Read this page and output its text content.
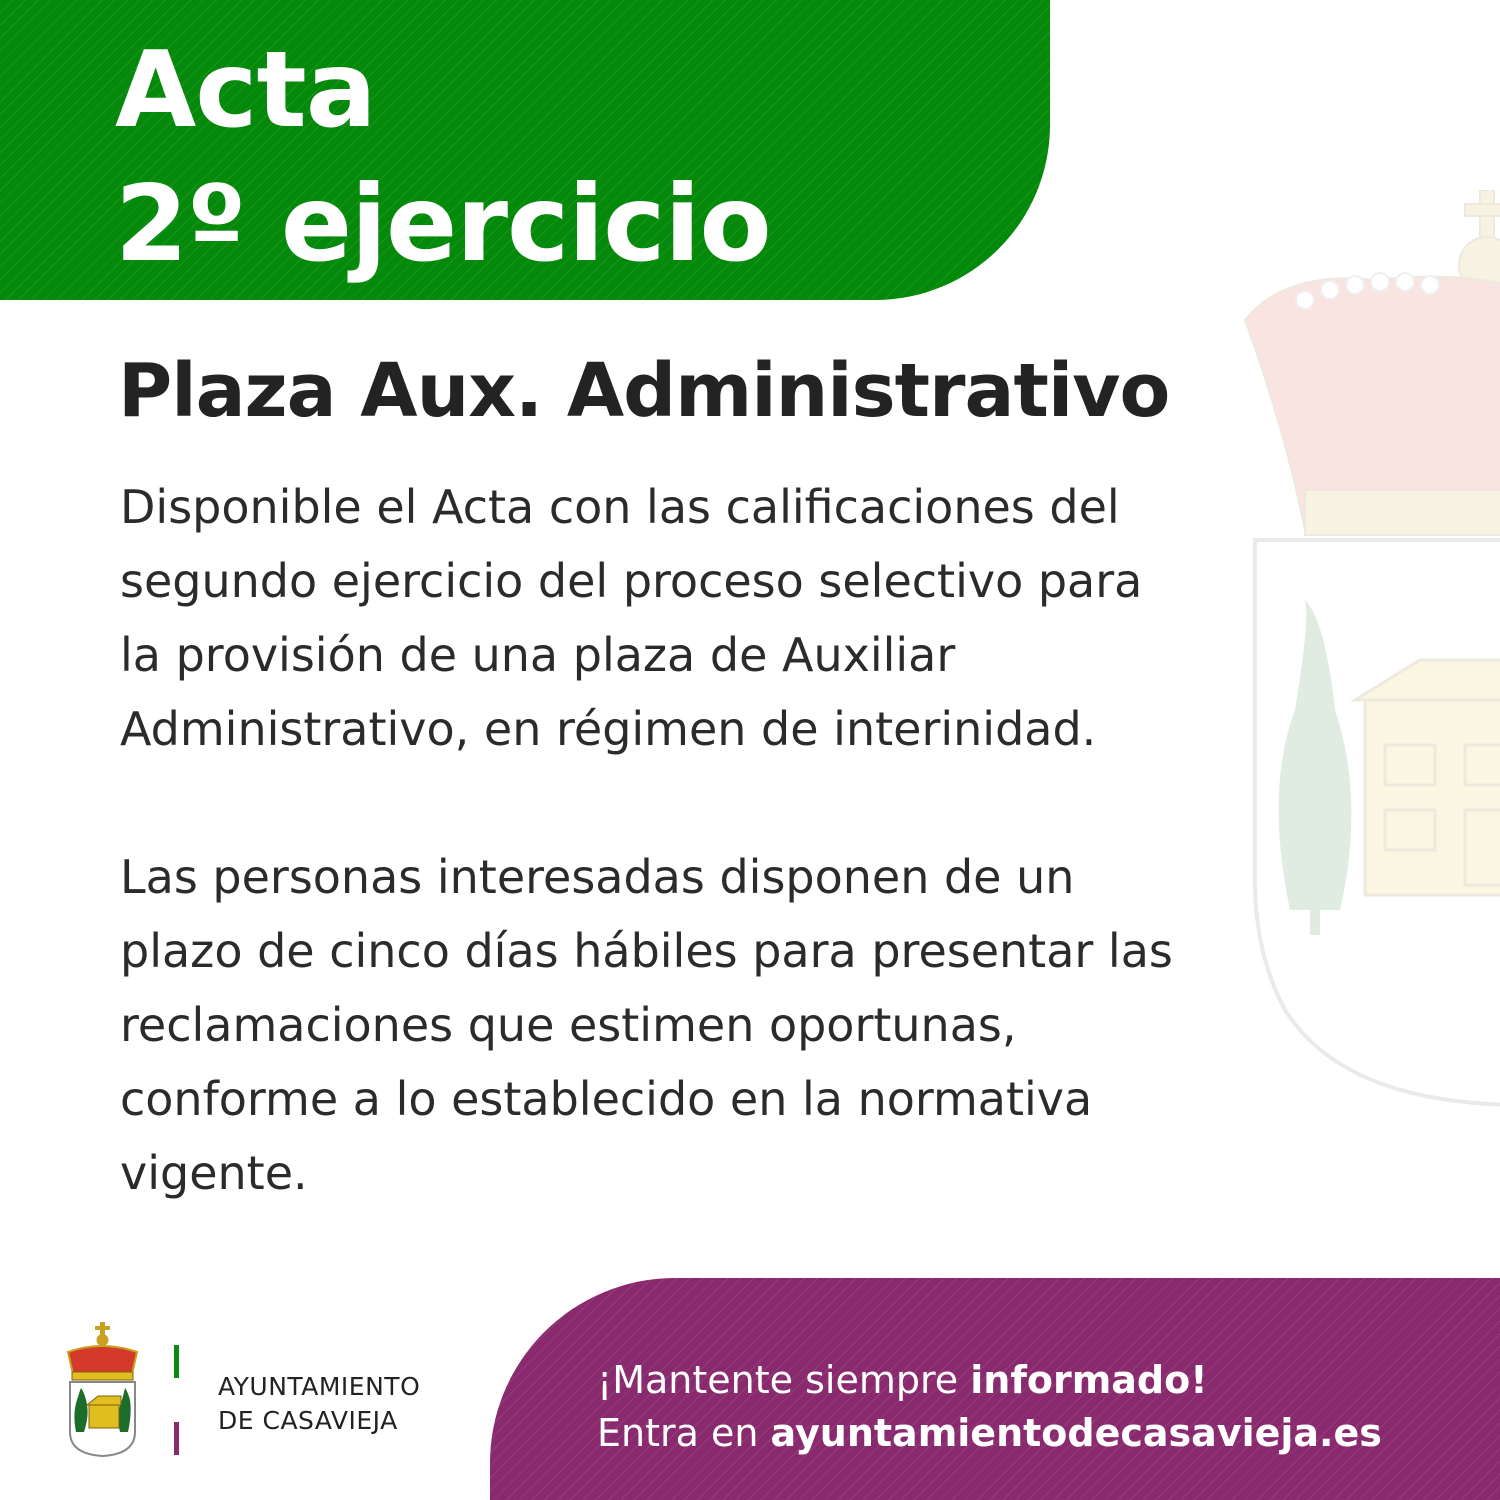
Acta
2º ejercicio
Plaza Aux. Administrativo
Disponible el Acta con las calificaciones del
segundo ejercicio del proceso selectivo para
la provisión de una plaza de Auxiliar
Administrativo, en régimen de interinidad.
Las personas interesadas disponen de un
plazo de cinco días hábiles para presentar las
reclamaciones que estimen oportunas,
conforme a lo establecido en la normativa
vigente.
AYUNTAMIENTO
DE CASAVIEJA
¡Mantente siempre informado!
Entra en ayuntamientodecasavieja.es
